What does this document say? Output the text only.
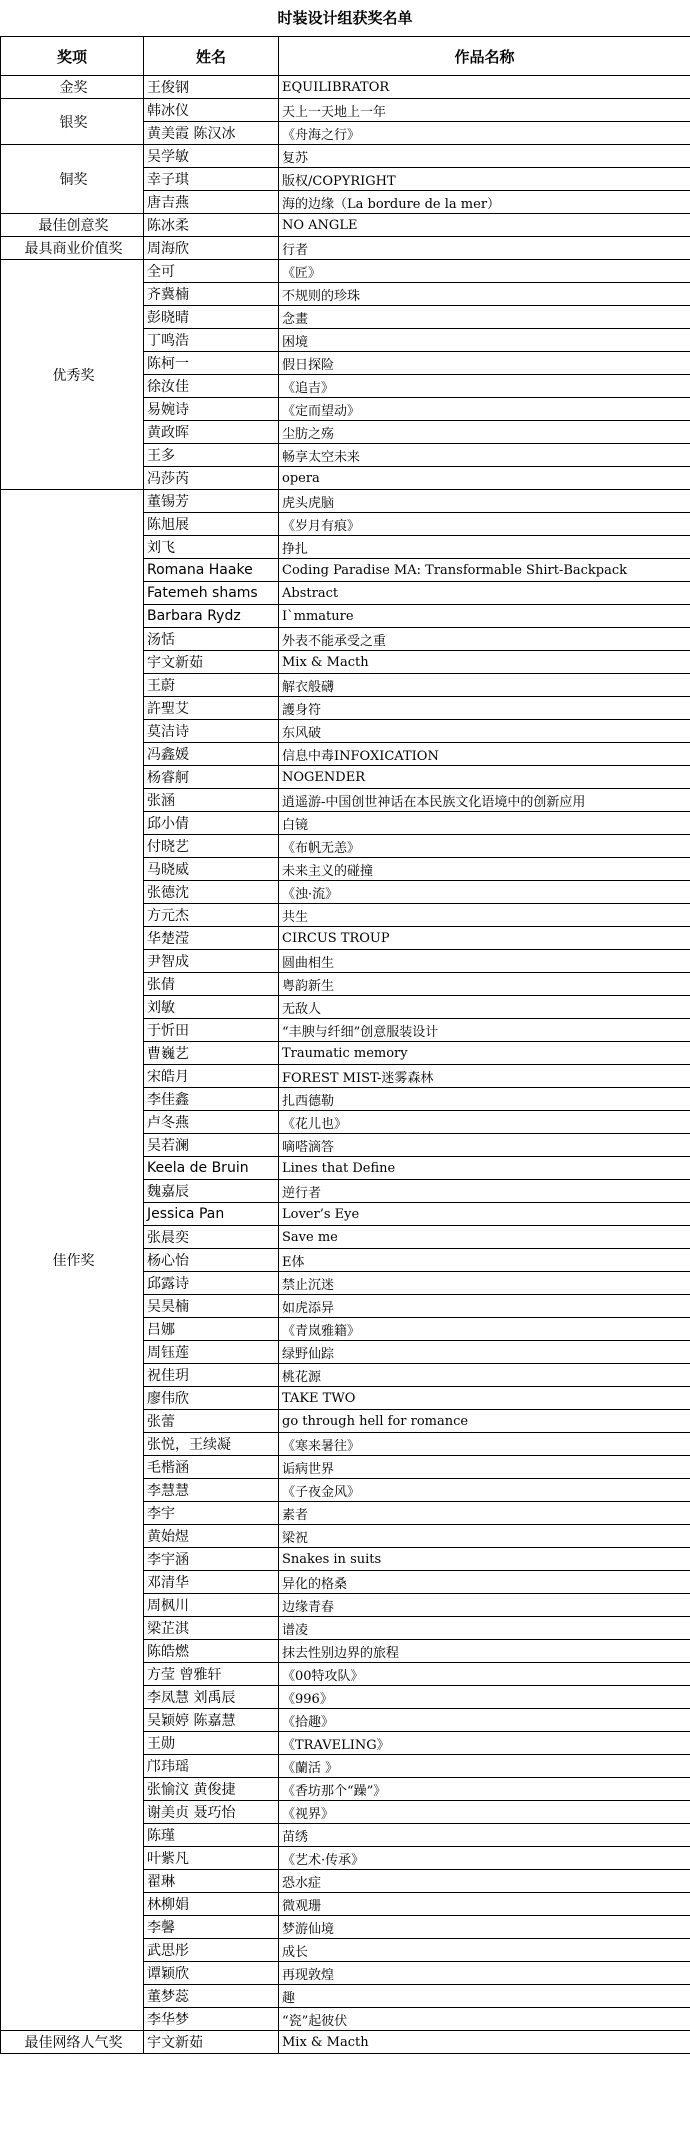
时装设计组获奖名单
奖项	姓名	作品名称
金奖	王俊钢	EQUILIBRATOR
银奖	韩冰仪	天上一天地上一年
	黄美霞 陈汉冰	《舟海之行》
铜奖	吴学敏	复苏
	幸子琪	版权/COPYRIGHT
	唐吉燕	海的边缘（La bordure de la mer）
最佳创意奖	陈冰柔	NO ANGLE
最具商业价值奖	周海欣	行者
优秀奖	全可	《匠》
	齐冀楠	不规则的珍珠
	彭晓晴	念畫
	丁鸣浩	困境
	陈柯一	假日探险
	徐汝佳	《追吉》
	易婉诗	《定而望动》
	黄政晖	尘肪之殇
	王多	畅享太空未来
	冯莎芮	opera
佳作奖	董锡芳	虎头虎脑
	陈旭展	《岁月有痕》
	刘飞	挣扎
	Romana Haake	Coding Paradise MA: Transformable Shirt-Backpack
	Fatemeh shams	Abstract
	Barbara Rydz	I`mmature
	汤恬	外表不能承受之重
	宇文新茹	Mix & Macth
	王蔚	解衣般礴
	許聖艾	護身符
	莫洁诗	东风破
	冯鑫媛	信息中毒INFOXICATION
	杨睿舸	NOGENDER
	张涵	逍遥游-中国创世神话在本民族文化语境中的创新应用
	邱小倩	白镜
	付晓艺	《布帆无恙》
	马晓威	未来主义的碰撞
	张德沈	《浊·流》
	方元杰	共生
	华楚滢	CIRCUS TROUP
	尹智成	圆曲相生
	张倩	粤韵新生
	刘敏	无敌人
	于忻田	“丰腴与纤细”创意服装设计
	曹巍艺	Traumatic memory
	宋皓月	FOREST MIST-迷雾森林
	李佳鑫	扎西德勒
	卢冬燕	《花儿也》
	吴若澜	嘀嗒滴答
	Keela de Bruin	Lines that Define
	魏嘉辰	逆行者
	Jessica Pan	Lover’s Eye
	张晨奕	Save me
	杨心怡	E体
	邱露诗	禁止沉迷
	吴昊楠	如虎添异
	吕娜	《青岚雅籍》
	周钰莲	绿野仙踪
	祝佳玥	桃花源
	廖伟欣	TAKE TWO
	张蕾	go through hell for romance
	张悦，王续凝	《寒来暑往》
	毛楷涵	诟病世界
	李慧慧	《子夜金风》
	李宇	素者
	黄始煜	梁祝
	李宇涵	Snakes in suits
	邓清华	异化的格桑
	周枫川	边缘青春
	梁芷淇	谱凌
	陈皓燃	抹去性别边界的旅程
	方莹 曾雅轩	《00特攻队》
	李凤慧 刘禹辰	《996》
	吴颖婷 陈嘉慧	《拾趣》
	王勋	《TRAVELING》
	邝玮瑶	《蘭活 》
	张愉汶 黄俊捷	《香坊那个“躁”》
	谢美贞 聂巧怡	《视界》
	陈瑾	苗绣
	叶紫凡	《艺术·传承》
	翟琳	恐水症
	林柳娟	微观珊
	李馨	梦游仙境
	武思彤	成长
	谭颖欣	再现敦煌
	董梦蕊	趣
	李华梦	“瓷”起彼伏
最佳网络人气奖	宇文新茹	Mix & Macth
